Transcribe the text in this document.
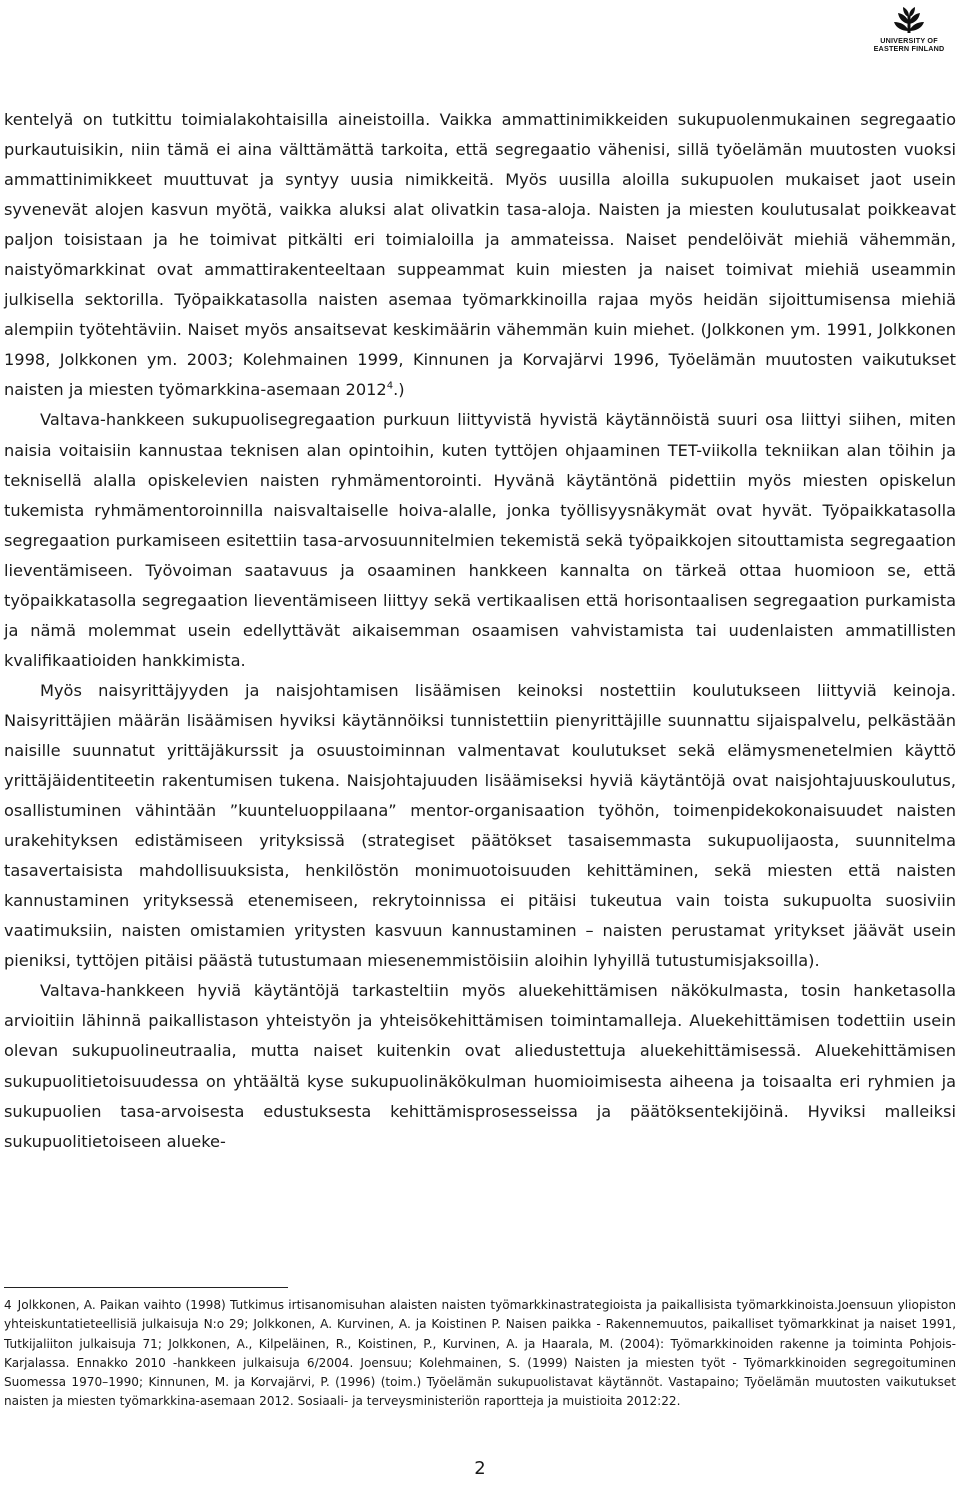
UNIVERSITY OF
EASTERN FINLAND

kentelyä on tutkittu toimialakohtaisilla aineistoilla. Vaikka ammattinimikkeiden sukupuolenmukainen segregaatio purkautuisikin, niin tämä ei aina välttämättä tarkoita, että segregaatio vähenisi, sillä työelämän muutosten vuoksi ammattinimikkeet muuttuvat ja syntyy uusia nimikkeitä. Myös uusilla aloilla sukupuolen mukaiset jaot usein syvenevät alojen kasvun myötä, vaikka aluksi alat olivatkin tasa-aloja. Naisten ja miesten koulutusalat poikkeavat paljon toisistaan ja he toimivat pitkälti eri toimialoilla ja ammateissa. Naiset pendelöivät miehiä vähemmän, naistyömarkkinat ovat ammattirakenteeltaan suppeammat kuin miesten ja naiset toimivat miehiä useammin julkisella sektorilla. Työpaikkatasolla naisten asemaa työmarkkinoilla rajaa myös heidän sijoittumisensa miehiä alempiin työtehtäviin. Naiset myös ansaitsevat keskimäärin vähemmän kuin miehet. (Jolkkonen ym. 1991, Jolkkonen 1998, Jolkkonen ym. 2003; Kolehmainen 1999, Kinnunen ja Korvajärvi 1996, Työelämän muutosten vaikutukset naisten ja miesten työmarkkina-asemaan 2012$^4$.)

Valtava-hankkeen sukupuolisegregaation purkuun liittyvistä hyvistä käytännöistä suuri osa liittyi siihen, miten naisia voitaisiin kannustaa teknisen alan opintoihin, kuten tyttöjen ohjaaminen TET-viikolla tekniikan alan töihin ja teknisellä alalla opiskelevien naisten ryhmämentorointi. Hyvänä käytäntönä pidettiin myös miesten opiskelun tukemista ryhmämentoroinnilla naisvaltaiselle hoiva-alalle, jonka työllisyysnäkymät ovat hyvät. Työpaikkatasolla segregaation purkamiseen esitettiin tasa-arvosuunnitelmien tekemistä sekä työpaikkojen sitouttamista segregaation lieventämiseen. Työvoiman saatavuus ja osaaminen hankkeen kannalta on tärkeä ottaa huomioon se, että työpaikkatasolla segregaation lieventämiseen liittyy sekä vertikaalisen että horisontaalisen segregaation purkamista ja nämä molemmat usein edellyttävät aikaisemman osaamisen vahvistamista tai uudenlaisten ammatillisten kvalifikaatioiden hankkimista.

Myös naisyrittäjyyden ja naisjohtamisen lisäämisen keinoksi nostettiin koulutukseen liittyviä keinoja. Naisyrittäjien määrän lisäämisen hyviksi käytännöiksi tunnistettiin pienyrittäjille suunnattu sijaispalvelu, pelkästään naisille suunnatut yrittäjäkurssit ja osuustoiminnan valmentavat koulutukset sekä elämysmenetelmien käyttö yrittäjäidentiteetin rakentumisen tukena. Naisjohtajuuden lisäämiseksi hyviä käytäntöjä ovat naisjohtajuuskoulutus, osallistuminen vähintään ”kuunteluoppilaana” mentor-organisaation työhön, toimenpidekokonaisuudet naisten urakehityksen edistämiseen yrityksissä (strategiset päätökset tasaisemmasta sukupuolijaosta, suunnitelma tasavertaisista mahdollisuuksista, henkilöstön monimuotoisuuden kehittäminen, sekä miesten että naisten kannustaminen yrityksessä etenemiseen, rekrytoinnissa ei pitäisi tukeutua vain toista sukupuolta suosiviin vaatimuksiin, naisten omistamien yritysten kasvuun kannustaminen – naisten perustamat yritykset jäävät usein pieniksi, tyttöjen pitäisi päästä tutustumaan miesenemmistöisiin aloihin lyhyillä tutustumisjaksoilla).

Valtava-hankkeen hyviä käytäntöjä tarkasteltiin myös aluekehittämisen näkökulmasta, tosin hanketasolla arvioitiin lähinnä paikallistason yhteistyön ja yhteisökehittämisen toimintamalleja. Aluekehittämisen todettiin usein olevan sukupuolineutraalia, mutta naiset kuitenkin ovat aliedustettuja aluekehittämisessä. Aluekehittämisen sukupuolitietoisuudessa on yhtäältä kyse sukupuolinäkökulman huomioimisesta aiheena ja toisaalta eri ryhmien ja sukupuolien tasa-arvoisesta edustuksesta kehittämisprosesseissa ja päätöksentekijöinä. Hyviksi malleiksi sukupuolitietoiseen alueke-

4 Jolkkonen, A. Paikan vaihto (1998) Tutkimus irtisanomisuhan alaisten naisten työmarkkinastrategioista ja paikallisista työmarkkinoista.Joensuun yliopiston yhteiskuntatieteellisiä julkaisuja N:o 29; Jolkkonen, A. Kurvinen, A. ja Koistinen P. Naisen paikka - Rakennemuutos, paikalliset työmarkkinat ja naiset 1991, Tutkijaliiton julkaisuja 71; Jolkkonen, A., Kilpeläinen, R., Koistinen, P., Kurvinen, A. ja Haarala, M. (2004): Työmarkkinoiden rakenne ja toiminta Pohjois-Karjalassa. Ennakko 2010 -hankkeen julkaisuja 6/2004. Joensuu; Kolehmainen, S. (1999) Naisten ja miesten työt - Työmarkkinoiden segregoituminen Suomessa 1970–1990; Kinnunen, M. ja Korvajärvi, P. (1996) (toim.) Työelämän sukupuolistavat käytännöt. Vastapaino; Työelämän muutosten vaikutukset naisten ja miesten työmarkkina-asemaan 2012. Sosiaali- ja terveysministeriön raportteja ja muistioita 2012:22.

2
